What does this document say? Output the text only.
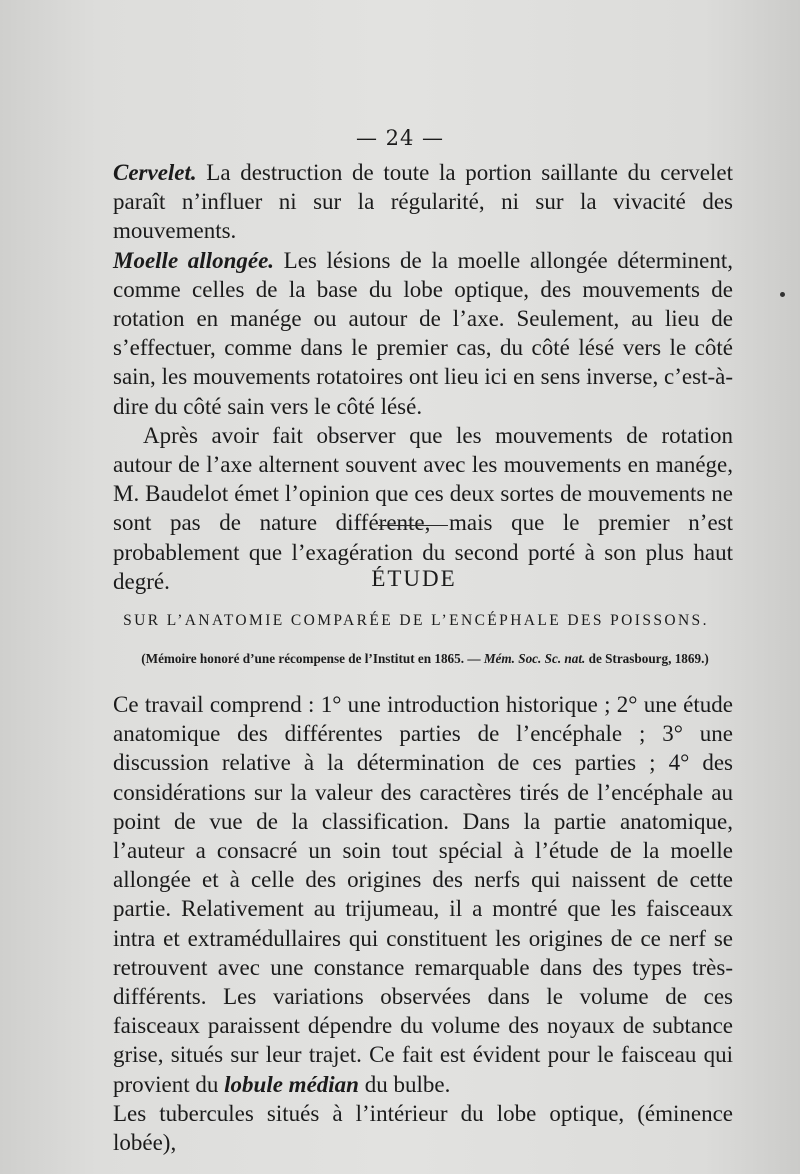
— 24 —

Cervelet. La destruction de toute la portion saillante du cervelet paraît n’influer ni sur la régularité, ni sur la vivacité des mouvements.

Moelle allongée. Les lésions de la moelle allongée déterminent, comme celles de la base du lobe optique, des mouvements de rotation en manége ou autour de l’axe. Seulement, au lieu de s’effectuer, comme dans le premier cas, du côté lésé vers le côté sain, les mouvements rotatoires ont lieu ici en sens inverse, c’est-à-dire du côté sain vers le côté lésé.

Après avoir fait observer que les mouvements de rotation autour de l’axe alternent souvent avec les mouvements en manége, M. Baudelot émet l’opinion que ces deux sortes de mouvements ne sont pas de nature différente, mais que le premier n’est probablement que l’exagération du second porté à son plus haut degré.	ÉTUDE
SUR L’ANATOMIE COMPARÉE DE L’ENCÉPHALE DES POISSONS.
(Mémoire honoré d’une récompense de l’Institut en 1865. — Mém. Soc. Sc. nat. de Strasbourg, 1869.)

Ce travail comprend : 1° une introduction historique ; 2° une étude anatomique des différentes parties de l’encéphale ; 3° une discussion relative à la détermination de ces parties ; 4° des considérations sur la valeur des caractères tirés de l’encéphale au point de vue de la classification. Dans la partie anatomique, l’auteur a consacré un soin tout spécial à l’étude de la moelle allongée et à celle des origines des nerfs qui naissent de cette partie. Relativement au trijumeau, il a montré que les faisceaux intra et extramédullaires qui constituent les origines de ce nerf se retrouvent avec une constance remarquable dans des types très-différents. Les variations observées dans le volume de ces faisceaux paraissent dépendre du volume des noyaux de subtance grise, situés sur leur trajet. Ce fait est évident pour le faisceau qui provient du lobule médian du bulbe.

Les tubercules situés à l’intérieur du lobe optique, (éminence lobée),
